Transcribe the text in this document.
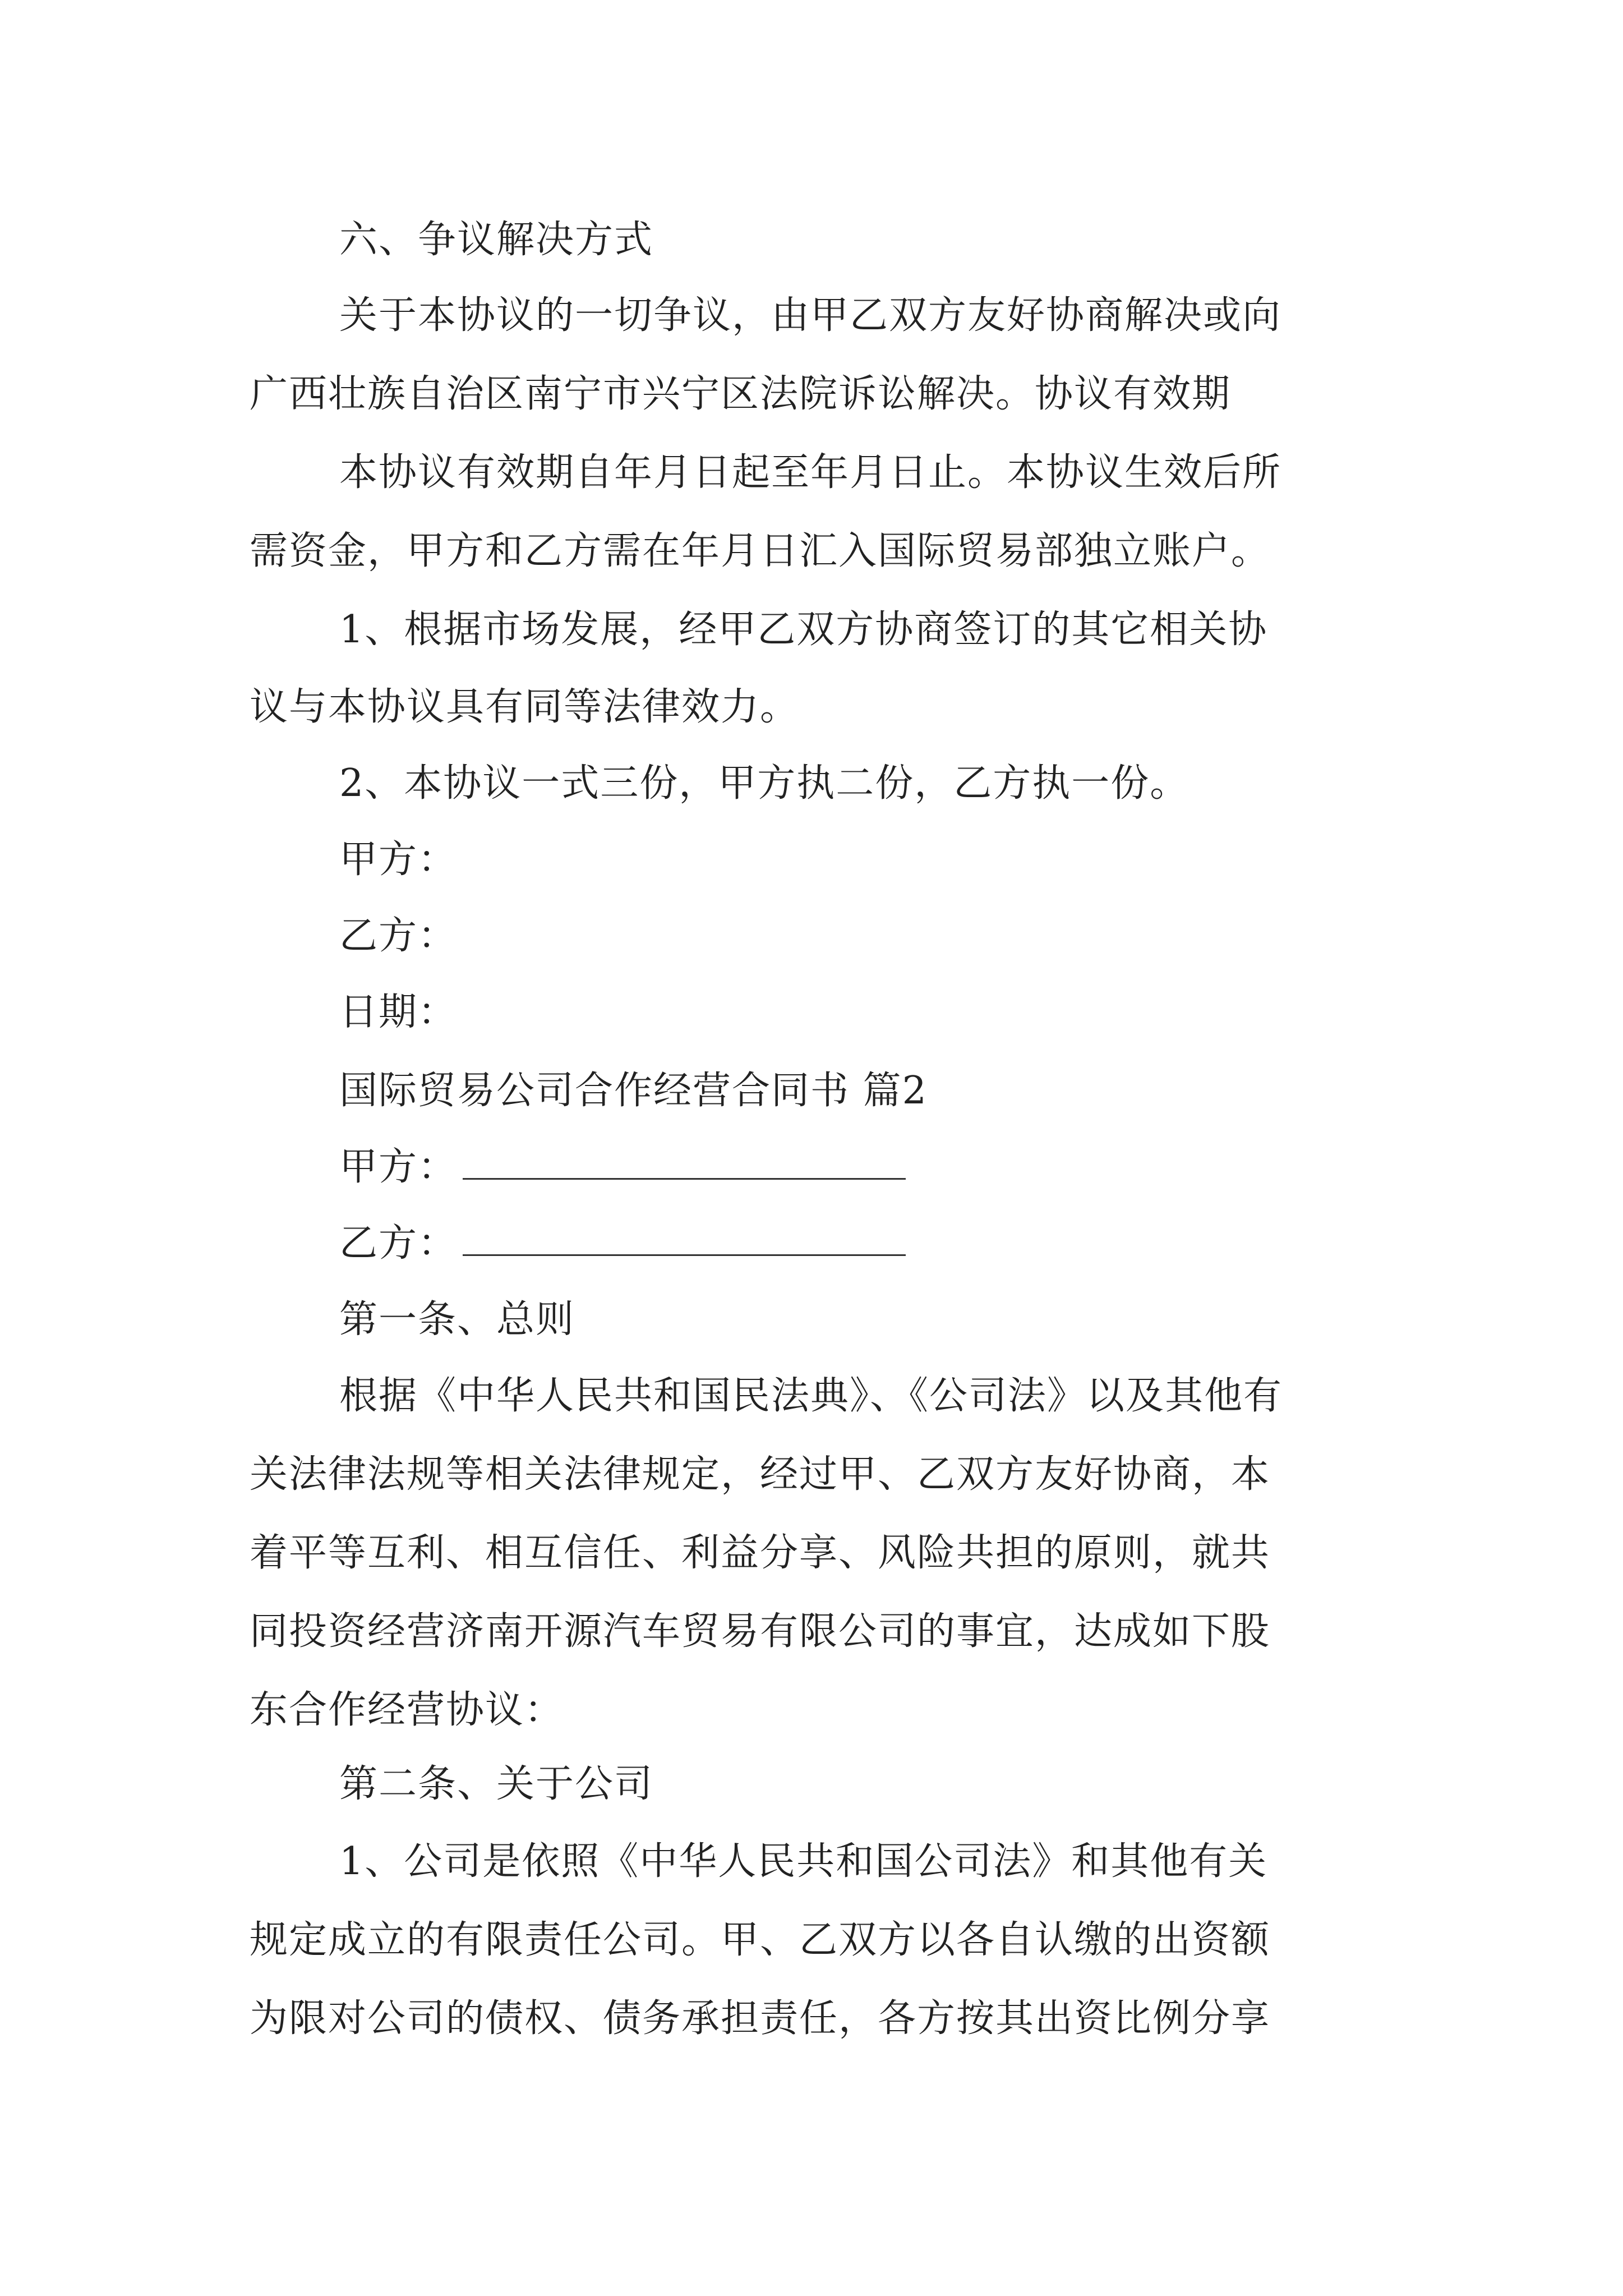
六、争议解决方式
关于本协议的一切争议，由甲乙双方友好协商解决或向
广西壮族自治区南宁市兴宁区法院诉讼解决。协议有效期
本协议有效期自年月日起至年月日止。本协议生效后所
需资金，甲方和乙方需在年月日汇入国际贸易部独立账户。
1、根据市场发展，经甲乙双方协商签订的其它相关协
议与本协议具有同等法律效力。
2、本协议一式三份，甲方执二份，乙方执一份。
甲方：
乙方：
日期：
国际贸易公司合作经营合同书 篇2
甲方：
乙方：
第一条、总则
根据《中华人民共和国民法典》、《公司法》以及其他有
关法律法规等相关法律规定，经过甲、乙双方友好协商，本
着平等互利、相互信任、利益分享、风险共担的原则，就共
同投资经营济南开源汽车贸易有限公司的事宜，达成如下股
东合作经营协议：
第二条、关于公司
1、公司是依照《中华人民共和国公司法》和其他有关
规定成立的有限责任公司。甲、乙双方以各自认缴的出资额
为限对公司的债权、债务承担责任，各方按其出资比例分享
